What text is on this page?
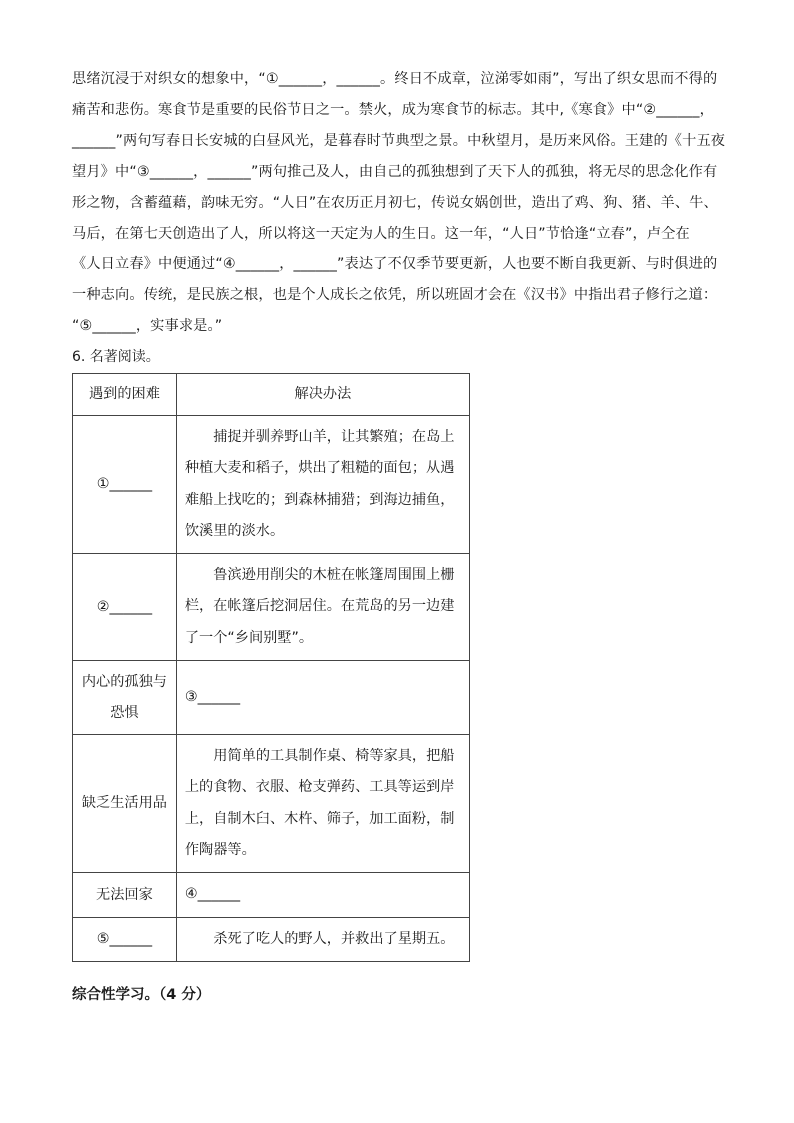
思绪沉浸于对织女的想象中，“①______，______。终日不成章，泣涕零如雨”，写出了织女思而不得的
痛苦和悲伤。寒食节是重要的民俗节日之一。禁火，成为寒食节的标志。其中,《寒食》中“②______，
______”两句写春日长安城的白昼风光，是暮春时节典型之景。中秋望月，是历来风俗。王建的《十五夜
望月》中“③______，______”两句推己及人，由自己的孤独想到了天下人的孤独，将无尽的思念化作有
形之物，含蓄蕴藉，韵味无穷。“人日”在农历正月初七，传说女娲创世，造出了鸡、狗、猪、羊、牛、
马后，在第七天创造出了人，所以将这一天定为人的生日。这一年，“人日”节恰逢“立春”，卢仝在
《人日立春》中便通过“④______，______”表达了不仅季节要更新，人也要不断自我更新、与时俱进的
一种志向。传统，是民族之根，也是个人成长之依凭，所以班固才会在《汉书》中指出君子修行之道：
“⑤______，实事求是。”
6. 名著阅读。
遇到的困难	解决办法
①______	捕捉并驯养野山羊，让其繁殖；在岛上种植大麦和稻子，烘出了粗糙的面包；从遇难船上找吃的；到森林捕猎；到海边捕鱼，饮溪里的淡水。

②______	鲁滨逊用削尖的木桩在帐篷周围围上栅栏，在帐篷后挖洞居住。在荒岛的另一边建了一个“乡间别墅”。

内心的孤独与恐惧	③______

缺乏生活用品	用简单的工具制作桌、椅等家具，把船上的食物、衣服、枪支弹药、工具等运到岸上，自制木臼、木杵、筛子，加工面粉，制作陶器等。

无法回家	④______

⑤______	杀死了吃人的野人，并救出了星期五。
综合性学习。（4 分）
